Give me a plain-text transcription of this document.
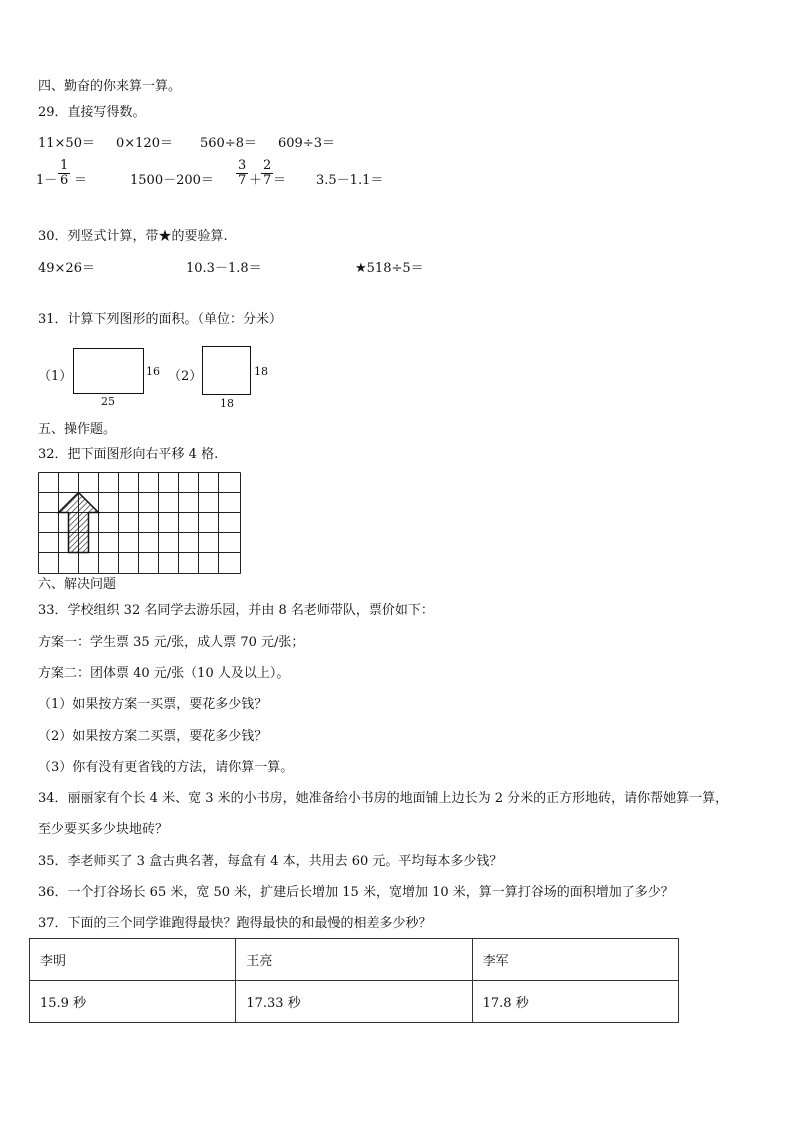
四、勤奋的你来算一算。
29．直接写得数。
11×50＝ 0×120＝ 560÷8＝ 609÷3＝
$1- \frac{1}{6}$ ＝	$1500-200= \frac{3}{7}$ ＋
$\frac{2}{7} = 3.5-1.1=$
30．列竖式计算，带★的要验算.
49×26＝	10.3－1.8＝	★518÷5＝
31．计算下列图形的面积。（单位：分米）
（1）	16
25
（2）	18
18
五、操作题。
32．把下面图形向右平移 4 格.
六、解决问题
33．学校组织 32 名同学去游乐园，并由 8 名老师带队，票价如下：
方案一：学生票 35 元/张，成人票 70 元/张；
方案二：团体票 40 元/张（10 人及以上）。
（1）如果按方案一买票，要花多少钱？
（2）如果按方案二买票，要花多少钱？
（3）你有没有更省钱的方法，请你算一算。
34．丽丽家有个长 4 米、宽 3 米的小书房，她准备给小书房的地面铺上边长为 2 分米的正方形地砖，请你帮她算一算，
至少要买多少块地砖？
35．李老师买了 3 盒古典名著，每盒有 4 本，共用去 60 元。平均每本多少钱？
36．一个打谷场长 65 米，宽 50 米，扩建后长增加 15 米，宽增加 10 米，算一算打谷场的面积增加了多少？
37．下面的三个同学谁跑得最快？跑得最快的和最慢的相差多少秒？
李明	王亮	李军
15.9 秒	17.33 秒	17.8 秒
